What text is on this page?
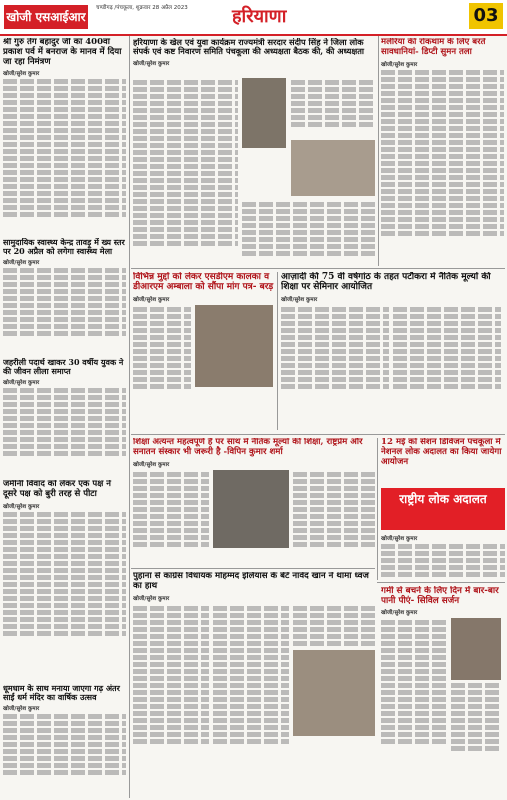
खोजी एसआईआर
चण्डीगढ़ /पंचकूला, शुक्रवार 28 अप्रैल 2023	हरियाणा	03
श्री गुरु तेग बहादुर जी का 400वां प्रकाश पर्व में बनराज के मानव में दिया जा रहा निमंत्रण
खोजी/सुरेश कुमार
सामुदायिक स्वास्थ्य केन्द्र तावड़ू में ख्य स्तर पर 20 अप्रैल को लगेगा स्वास्थ्य मेला
खोजी/सुरेश कुमार
जहरीली पदार्थ खाकर 30 वर्षीय युवक ने की जीवन लीला समाप्त
खोजी/सुरेश कुमार
जमीनी विवाद को लेकर एक पक्ष ने दूसरे पक्ष को बुरी तरह से पीटा
खोजी/सुरेश कुमार
धूमधाम के साथ मनाया जाएगा गढ़ अंतर साईं धर्म मंदिर का वार्षिक उत्सव
खोजी/सुरेश कुमार
हरियाणा के खेल एवं युवा कार्यक्रम राज्यमंत्री सरदार संदीप सिंह ने जिला लोक संपर्क एवं कष्ट निवारण समिति पंचकूला की अध्यक्षता बैठक की, की अध्यक्षता
खोजी/सुरेश कुमार
मलेरिया की रोकथाम के लिए बरतें सावधानियां- डिप्टी सुमन तला
खोजी/सुरेश कुमार
विभिन्न मुद्दों को लेकर एसडीएम कालका व डीआरएम अम्बाला को सौंपा मांग पत्र- बरड़
खोजी/सुरेश कुमार
आज़ादी की 75 वीं वर्षगांठ के तहत पटौकरा में नैतिक मूल्यों की शिक्षा पर सेमिनार आयोजित
खोजी/सुरेश कुमार
शिक्षा अत्यन्त महत्वपूर्ण है पर साथ में नैतिक मूल्यों की शिक्षा, राष्ट्रप्रेम और सनातन संस्कार भी जरूरी है -विपिन कुमार शर्मा
खोजी/सुरेश कुमार
12 मई को सेशन डिविजन पंचकूला में नेशनल लोक अदालत का किया जायेगा आयोजन
राष्ट्रीय लोक अदालत
खोजी/सुरेश कुमार
पुहाना से कांग्रेस विधायक मोहम्मद इलियास के बेटे नावेद खान ने थामा ध्वज का हाथ
खोजी/सुरेश कुमार
गर्मी से बचने के लिए दिन में बार-बार पानी पीएं- सिविल सर्जन
खोजी/सुरेश कुमार
